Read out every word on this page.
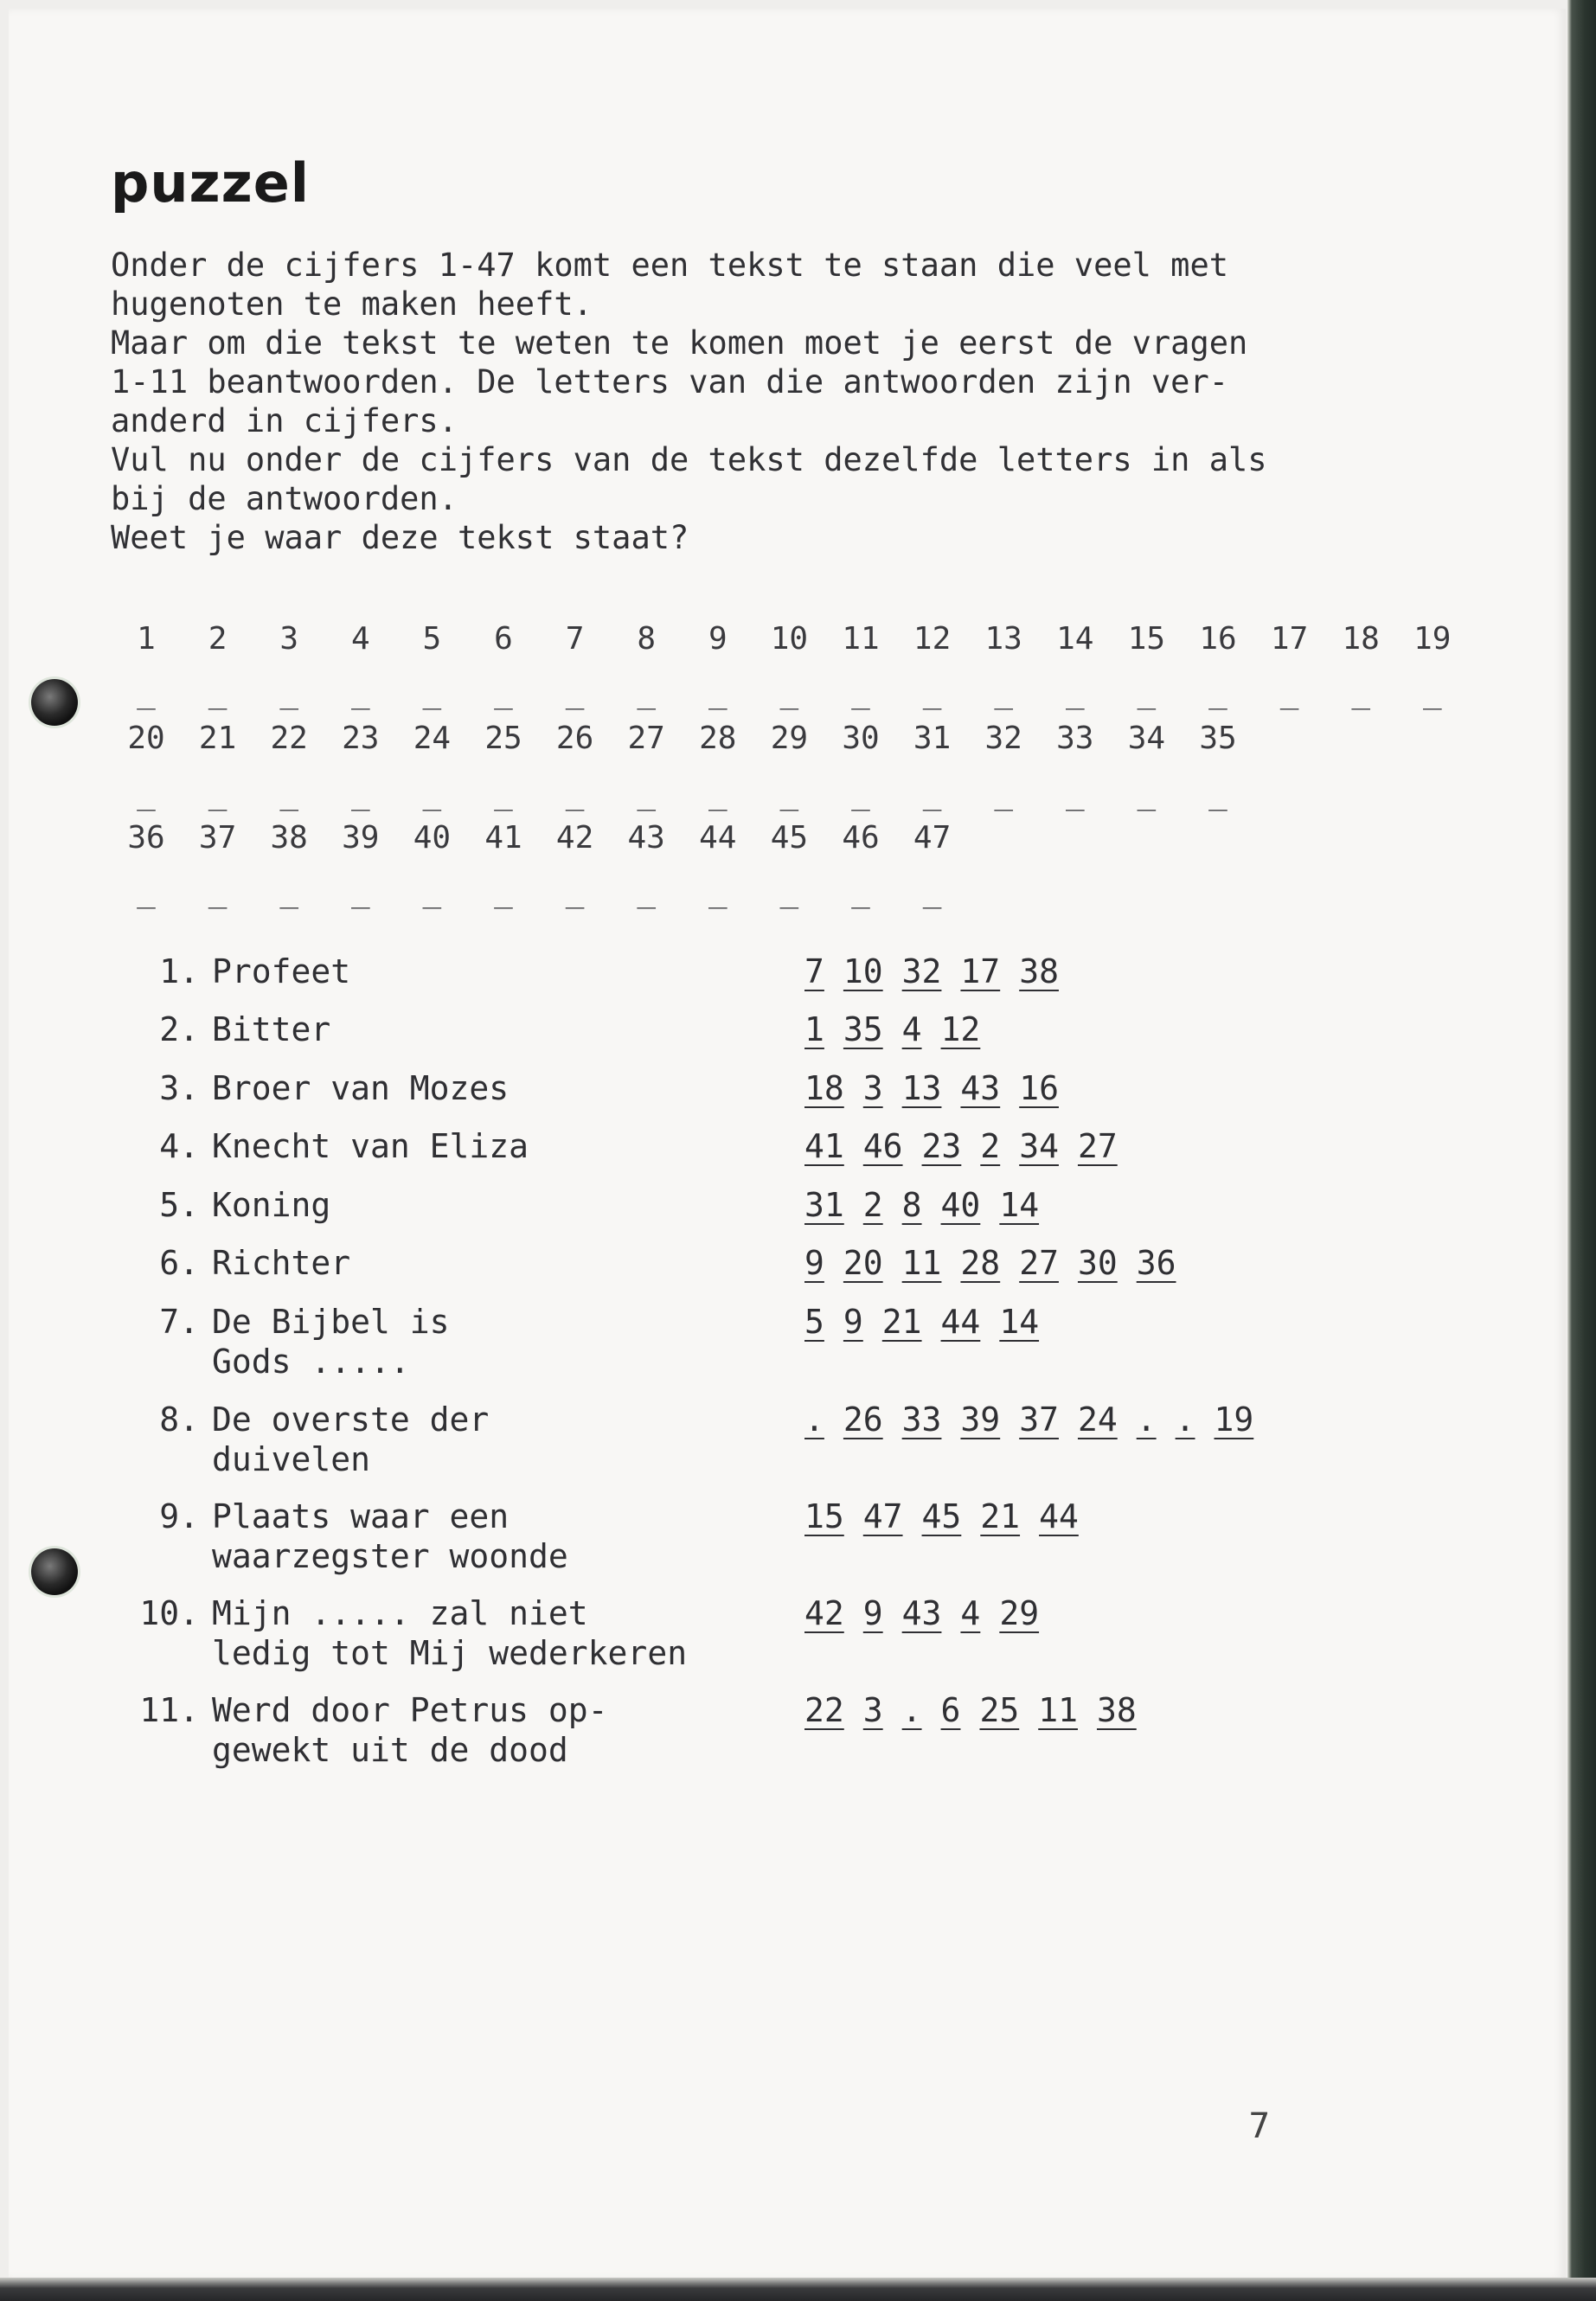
puzzel

Onder de cijfers 1-47 komt een tekst te staan die veel met

hugenoten te maken heeft.

Maar om die tekst te weten te komen moet je eerst de vragen

1-11 beantwoorden. De letters van die antwoorden zijn ver-

anderd in cijfers.

Vul nu onder de cijfers van de tekst dezelfde letters in als

bij de antwoorden.

Weet je waar deze tekst staat?

1	2	3	4	5	6	7	8	9	10	11	12	13	14	15	16	17	18	19
_	_	_	_	_	_	_	_	_	_	_	_	_	_	_	_	_	_	_
20	21	22	23	24	25	26	27	28	29	30	31	32	33	34	35
_	_	_	_	_	_	_	_	_	_	_	_	_	_	_	_
36	37	38	39	40	41	42	43	44	45	46	47
_	_	_	_	_	_	_	_	_	_	_	_
1. Profeet	7 10 32 17 38
2. Bitter	1 35 4 12
3. Broer van Mozes	18 3 13 43 16
4. Knecht van Eliza	41 46 23 2 34 27
5. Koning	31 2 8 40 14
6. Richter	9 20 11 28 27 30 36
7. De Bijbel is
Gods .....
5 9 21 44 14
8. De overste der
duivelen
. 26 33 39 37 24 . . 19
9. Plaats waar een
waarzegster woonde
15 47 45 21 44
10. Mijn ..... zal niet
ledig tot Mij wederkeren
42 9 43 4 29
11. Werd door Petrus op-
gewekt uit de dood
22 3 . 6 25 11 38
7
